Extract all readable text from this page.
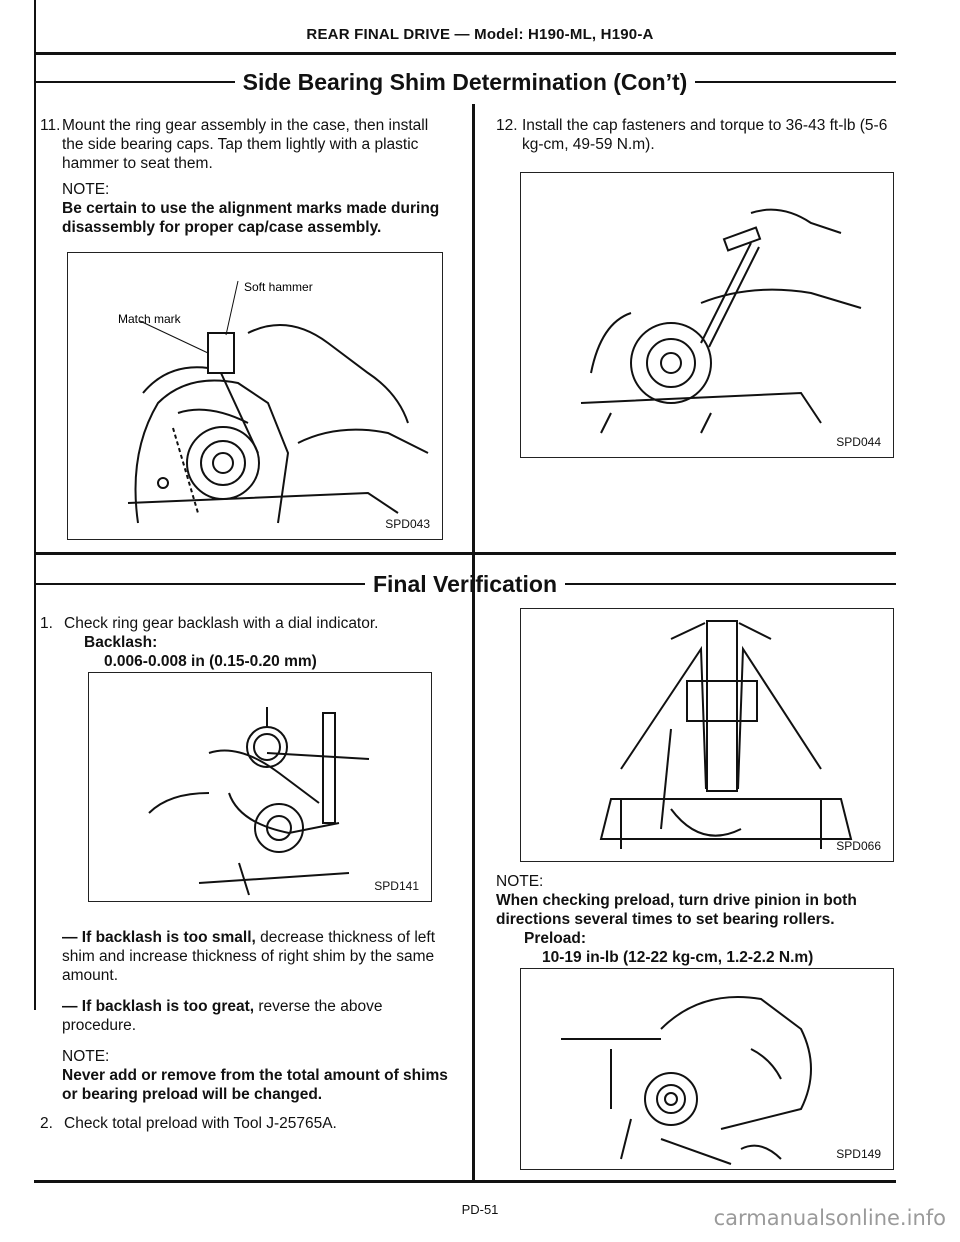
REAR FINAL DRIVE — Model: H190-ML, H190-A
Side Bearing Shim Determination (Con’t)
11. Mount the ring gear assembly in the case, then install the side bearing caps. Tap them lightly with a plastic hammer to seat them.
NOTE:
Be certain to use the alignment marks made during disassembly for proper cap/case assembly.
Soft hammer
Match mark
SPD043
12. Install the cap fasteners and torque to 36-43 ft-lb (5-6 kg-cm, 49-59 N.m).
SPD044
Final Verification
1. Check ring gear backlash with a dial indicator.
Backlash:
0.006-0.008 in (0.15-0.20 mm)
SPD141

— If backlash is too small, decrease thickness of left shim and increase thickness of right shim by the same amount.

— If backlash is too great, reverse the above procedure.

NOTE:

Never add or remove from the total amount of shims or bearing preload will be changed.

2. Check total preload with Tool J-25765A.
SPD066

NOTE:

When checking preload, turn drive pinion in both directions several times to set bearing rollers.

Preload:

10-19 in-lb (12-22 kg-cm, 1.2-2.2 N.m)

SPD149
PD-51	carmanualsonline.info
